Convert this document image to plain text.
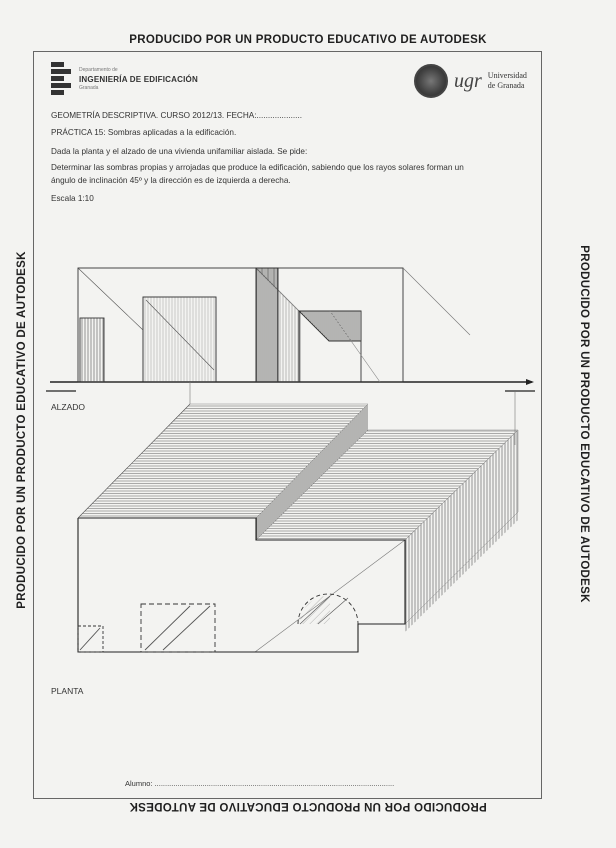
PRODUCIDO POR UN PRODUCTO EDUCATIVO DE AUTODESK
PRODUCIDO POR UN PRODUCTO EDUCATIVO DE AUTODESK
PRODUCIDO POR UN PRODUCTO EDUCATIVO DE AUTODESK	PRODUCIDO POR UN PRODUCTO EDUCATIVO DE AUTODESK
Departamento de
INGENIERÍA DE EDIFICACIÓN
Granada	ugr Universidad
de Granada
GEOMETRÍA DESCRIPTIVA. CURSO 2012/13. FECHA:....................
PRÁCTICA 15: Sombras aplicadas a la edificación.
Dada la planta y el alzado de una vivienda unifamiliar aislada. Se pide:
Determinar las sombras propias y arrojadas que produce la edificación, sabiendo que los rayos solares forman un
ángulo de inclinación 45º y la dirección es de izquierda a derecha.
Escala 1:10
ALZADO
PLANTA
Alumno: ...................................................................................................................
